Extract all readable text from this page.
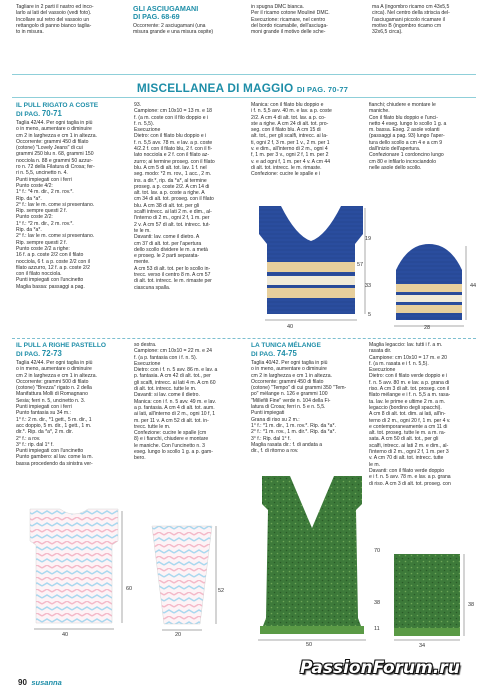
Tagliare in 2 parti il nastro ed inco-
larlo ai lati del vassoio (vedi foto).
Incollare sul retro del vassoio un
rettangolo di panno bianco taglia-
to in misura.
GLI ASCIUGAMANI
DI PAG. 68-69
Occorrente: 2 asciugamani (una
misura grande e una misura ospite)
in spugna DMC bianca.
Per il ricamo cotone Mouliné DMC.
Esecuzione: ricamare, nel centro
del bordo ricamabile, dell'asciuga-
moni grande il motivo delle sche-
ma A (ingombro ricamo cm 43x5,5
circa). Nel centro della striscia del-
l'asciugamani piccolo ricamare il
motivo B (ingombro ricamo cm
32x6,5 circa).
MISCELLANEA DI MAGGIO DI PAG. 70-77
IL PULL RIGATO A COSTE
DI PAG. 70-71
Taglia 42/44. Per ogni taglia in più
o in meno, aumentare o diminuire
cm 2 in larghezza e cm 1 in altezza.
Occorrente: grammi 450 di filato
(cotone) "Lovely Jeans" di cui
grammi 250 blu n. 68, grammi 150
nocciola n. 88 e grammi 50 azzur-
ro n. 72 della Filatura di Crosa; fer-
ri n. 5,5, uncinetto n. 4.
Punti impiegati con i ferri
Punto coste 4/2:
1° f.: *4 m. dir., 2 m. rov.*.
Rip. da *a*.
2° f.: lav le m. come si presentano.
Rip. sempre questi 2 f.
Punto coste 2/2:
1° f.: *2 m. dir., 2 m. rov.*.
Rip. da *a*.
2° f.: lav le m. come si presentano.
Rip. sempre questi 2 f.
Punto coste 2/2 a righe:
16 f. a p. coste 2/2 con il filato
nocciola, 6 f. a p. coste 2/2 con il
filato azzurro, 12 f. a p. coste 2/2
con il filato nocciola.
Punti impiegati con l'uncinetto
Maglia bassa: passaggi a pag.
93.
Campione: cm 10x10 = 13 m. e 18
f. (a m. coste con il filo doppio e i
f. n. 5,5).
Esecuzione
Dietro: con il filato blu doppio e i
f. n. 5,5 avv. 78 m. e lav. a p. coste
4/2.2 f. con il filato blu, 2 f. con il fi-
lato nocciola e 2 f. con il filato az-
zurro; ai termine proseg. con il filato
blu. A cm 5 di alt. tot. lav. 1 f. nel
seg. modo: *2 m. rov., 1 acc., 2 m.
ins. a dir.*, rip. da *a*, al termine
proseg. a p. coste 2/2. A cm 14 di
alt. tot. lav. a p. coste a righe. A
cm 34 di alt. tot. proseg. con il filato
blu. A cm 38 di alt. tot. per gli
scalfi intrecc. ai lati 2 m. e dim., al-
l'interno di 2 m., ogni 2 f, 1 m. per
2 v. A cm 57 di alt. tot. intrecc. tut-
te le m.
Davanti: lav. come il dietro. A
cm 37 di alt. tot. per l'apertura
dello scollo dividere le m. a metà
e proseg. le 2 parti separata-
mente.
A cm 53 di alt. tot. per lo scollo in-
trecc. verso il centro 8 m. A cm 57
di alt. tot. intrecc. le m. rimaste per
ciascuna spalla.
Manica: con il filato blu doppio e
i f. n. 5,5 avv. 40 m. e lav. a p. coste
2/2. A cm 4 di alt. tot. lav. a p. co-
ste a righe. A cm 24 di alt. tot. pro-
seg. con il filato blu. A cm 15 di
alt. tot., per gli scalfi, intrecc. ai la-
ti, ogni 2 f, 3 m. per 1 v., 2 m. per 1
v. e dim., all'interno di 2 m., ogni 4
f, 1 m. per 3 v., ogni 2 f, 1 m. per 2
v. e ad ogni f, 1 m. per 4 v. A cm 44
di alt. tot. intrecc. le m. rimaste.
Confezione: cucire le spalle e i
fianchi; chiudere e montare le
maniche.
Con il filato blu doppio e l'unci-
netto 4 eseg. lungo lo scollo 1 g. a
m. bassa. Eseg. 2 asole volanti
(passaggi a pag. 93) lungo l'aper-
tura dello scollo a cm 4 e a cm 9
dall'inizio dell'apertura.
Confezionare 1 cordoncino lungo
cm 80 e infilarlo incrociandolo
nelle asole dello scollo.
40
57
19
33
5
28
44
IL PULL A RIGHE PASTELLO
DI PAG. 72-73
Taglia 42/44. Per ogni taglia in più
o in meno, aumentare o diminuire
cm 2 in larghezza e cm 1 in altezza.
Occorrente: grammi 500 di filato
(cotone) "Brezza" rigato n. 2 della
Manifattura Molli di Romagnano
Sesia; ferri n. 5, uncinetto n. 3.
Punti impiegati con i ferri
Punto fantasia su 34 m.:
1° f.: 2 m. dir., *1 gett., 5 m. dir., 1
acc doppio, 5 m. dir., 1 gett., 1 m.
dir.*. Rip. da *a*, 2 m. dir.
2° f.: a rov.
3° f.: rip. dal 1° f.
Punti impiegati con l'uncinetto
Punto gambero: al lav. come la m.
bassa procedendo da sinistra ver-
so destra.
Campione: cm 10x10 = 22 m. e 24
f. (a p. fantasia con i f. n. 5).
Esecuzione
Dietro: con i f. n. 5 avv. 86 m. e lav. a
p. fantasia. A cm 42 di alt. tot., per
gli scalfi, intrecc. ai lati 4 m. A cm 60
di alt. tot. intrecc. tutte le m.
Davanti: si lav. come il dietro.
Manica: con i f. n. 5 avv. 49 m. e lav.
a p. fantasia. A cm 4 di alt. tot. aum.
ai lati, all'interno di 2 m., ogni 10 f, 1
m. per 11 v. A cm 52 di alt. tot. in-
trecc. tutte le m.
Confezione: cucire le spalle (cm
8) e i fianchi, chiudere e montare
le maniche. Con l'uncinetto n. 3
eseg. lungo lo scollo 1 g. a p. gam-
bero.
40
60
20
52
LA TUNICA MÉLANGE
DI PAG. 74-75
Taglia 40/42. Per ogni taglia in più
o in meno, aumentare o diminuire
cm 2 in larghezza e cm 1 in altezza.
Occorrente: grammi 450 di filato
(cotone) "Tempo" di cui grammi 350 "Tem-
po" mélange n. 126 e grammi 100
"Millefili Fine" verde n. 104 della Fi-
latura di Crosa; ferri n. 5 e n. 5,5.
Punti impiegati
Grana di riso su 2 m.:
1° f.: *1 m. dir., 1 m. rov.*. Rip. da *a*.
2° f.: *1 m. rov., 1 m. dir.*. Rip. da *a*.
3° f.: Rip. dal 1° f.
Maglia rasata dir.: f. di andata a
dir., f. di ritorno a rov.
Maglia legaccio: lav. tutti i f. a m.
rasata dir.
Campione: cm 10x10 = 17 m. e 20
f. (a m. rasata e i f. n. 5,5).
Esecuzione
Dietro: con il filato verde doppio e i
f. n. 5 avv. 80 m. e lav. a p. grana di
riso. A cm 3 di alt. tot. proseg. con il
filato mélange e i f. n. 5,5 a m. rasa-
ta. lav. le prime e ultime 2 m. a m.
legaccio (bordino degli spacchi).
A cm 8 di alt. tot. dim. ai lati, all'in-
terno di 2 m., ogni 20 f, 1 m. per 4 v.
e contemporaneamente a cm 11 di
alt. tot. proseg. tutte le m. a m. ra-
sata. A cm 50 di alt. tot., per gli
scalfi, intrecc. ai lati 2 m. e dim., al-
l'interno di 2 m., ogni 2 f, 1 m. per 3
v. A cm 70 di alt. tot. intrecc. tutte
le m.
Davanti: con il filato verde doppio
e i f. n. 5 avv. 78 m. e lav. a p. grana
di riso. A cm 3 di alt. tot. proseg. con
50
70
38
11
34
38
90 susanna
PassionForum.ru
